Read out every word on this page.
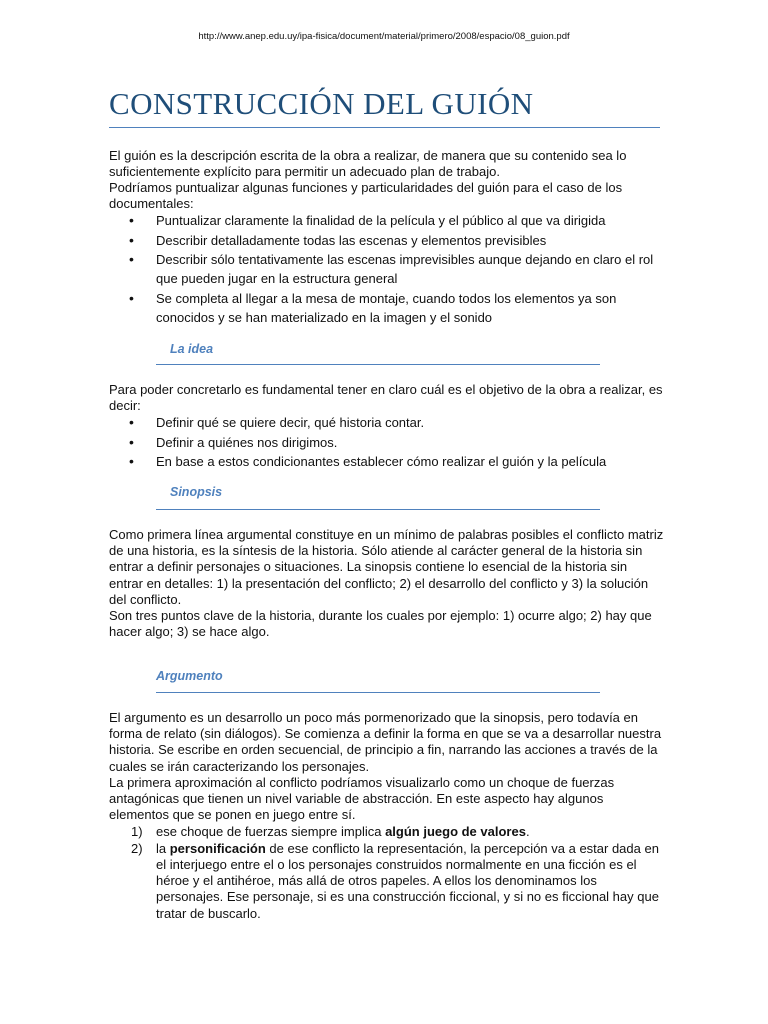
http://www.anep.edu.uy/ipa-fisica/document/material/primero/2008/espacio/08_guion.pdf
CONSTRUCCIÓN DEL GUIÓN

El guión es la descripción escrita de la obra a realizar, de manera que su contenido sea lo suficientemente explícito para permitir un adecuado plan de trabajo.

Podríamos puntualizar algunas funciones y particularidades del guión para el caso de los documentales:

• Puntualizar claramente la finalidad de la película y el público al que va dirigida
• Describir detalladamente todas las escenas y elementos previsibles
• Describir sólo tentativamente las escenas imprevisibles aunque dejando en claro el rol que pueden jugar en la estructura general
• Se completa al llegar a la mesa de montaje, cuando todos los elementos ya son conocidos y se han materializado en la imagen y el sonido
La idea

Para poder concretarlo es fundamental tener en claro cuál es el objetivo de la obra a realizar, es decir:

• Definir qué se quiere decir, qué historia contar.
• Definir a quiénes nos dirigimos.
• En base a estos condicionantes establecer cómo realizar el guión y la película
Sinopsis

Como primera línea argumental constituye en un mínimo de palabras posibles el conflicto matriz de una historia, es la síntesis de la historia. Sólo atiende al carácter general de la historia sin entrar a definir personajes o situaciones. La sinopsis contiene lo esencial de la historia sin entrar en detalles: 1) la presentación del conflicto; 2) el desarrollo del conflicto y 3) la solución del conflicto.

Son tres puntos clave de la historia, durante los cuales por ejemplo: 1) ocurre algo; 2) hay que hacer algo; 3) se hace algo.

Argumento

El argumento es un desarrollo un poco más pormenorizado que la sinopsis, pero todavía en forma de relato (sin diálogos). Se comienza a definir la forma en que se va a desarrollar nuestra historia. Se escribe en orden secuencial, de principio a fin, narrando las acciones a través de la cuales se irán caracterizando los personajes.

La primera aproximación al conflicto podríamos visualizarlo como un choque de fuerzas antagónicas que tienen un nivel variable de abstracción. En este aspecto hay algunos elementos que se ponen en juego entre sí.

1) ese choque de fuerzas siempre implica algún juego de valores.
2) la personificación de ese conflicto la representación, la percepción va a estar dada en el interjuego entre el o los personajes construidos normalmente en una ficción es el héroe y el antihéroe, más allá de otros papeles. A ellos los denominamos los personajes. Ese personaje, si es una construcción ficcional, y si no es ficcional hay que tratar de buscarlo.
